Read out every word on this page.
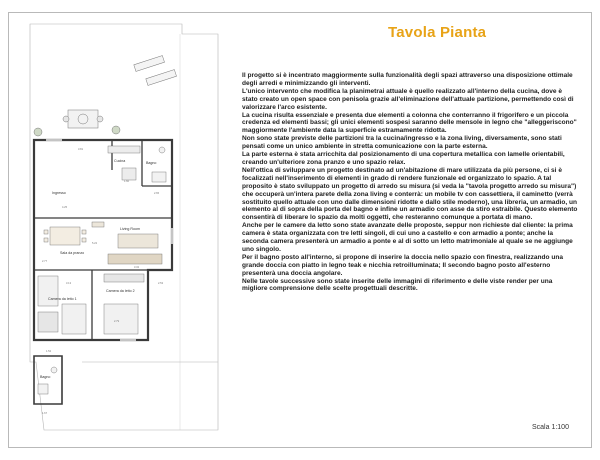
Ingresso
Cucina	Bagno
Sala da pranzo
Living Room
Camera da letto 1
Camera da letto 2
Bagno
3.81
4.25
1.60
2.65
2.77
3.32
3.13
2.79
1.67
5.22
2.53
1.52
Tavola Pianta

Il progetto si è incentrato maggiormente sulla funzionalità degli spazi attraverso una disposizione ottimale degli arredi e minimizzando gli interventi.

L'unico intervento che modifica la planimetrai attuale è quello realizzato all'interno della cucina, dove è stato creato un open space con penisola grazie all'eliminazione dell'attuale partizione, permettendo così di valorizzare l'arco esistente.

La cucina risulta essenziale e presenta due elementi a colonna che conterranno il frigorifero e un piccola credenza ed elementi bassi; gli unici elementi sospesi saranno delle mensole in legno che "alleggeriscono" maggiormente l'ambiente data la superficie estramamente ridotta.

Non sono state previste delle partizioni tra la cucina/ingresso e la zona living, diversamente, sono stati pensati come un unico ambiente in stretta comunicazione con la parte esterna.

La parte esterna è stata arricchita dal posizionamento di una copertura metallica con lamelle orientabili, creando un'ulteriore zona pranzo e uno spazio relax.

Nell'ottica di sviluppare un progetto destinato ad un'abitazione di mare utilizzata da più persone, ci si è focalizzati nell'inserimento di elementi in grado di rendere funzionale ed organizzato lo spazio. A tal proposito è stato sviluppato un progetto di arredo su misura (si veda la "tavola progetto arredo su misura") che occuperà un'intera parete della zona living e conterrà: un mobile tv con cassettiera, il caminetto (verrà sostituito quello attuale con uno dalle dimensioni ridotte e dallo stile moderno), una libreria, un armadio, un elemento al di sopra della porta del bagno e infine un armadio con asse da stiro estraibile. Questo elemento consentirà di liberare lo spazio da molti oggetti, che resteranno comunque a portata di mano.

Anche per le camere da letto sono state avanzate delle proposte, seppur non richieste dal cliente: la prima camera è stata organizzata con tre letti singoli, di cui uno a castello e con armadio a ponte; anche la seconda camera presenterà un armadio a ponte e al di sotto un letto matrimoniale al quale se ne aggiunge uno singolo.

Per il bagno posto all'interno, si propone di inserire la doccia nello spazio con finestra, realizzando una grande doccia con piatto in legno teak e nicchia retroilluminata; Il secondo bagno posto all'esterno presenterà una doccia angolare.

Nelle tavole successive sono state inserite delle immagini di riferimento e delle viste render per una migliore comprensione delle scelte progettuali descritte.

Scala 1:100
